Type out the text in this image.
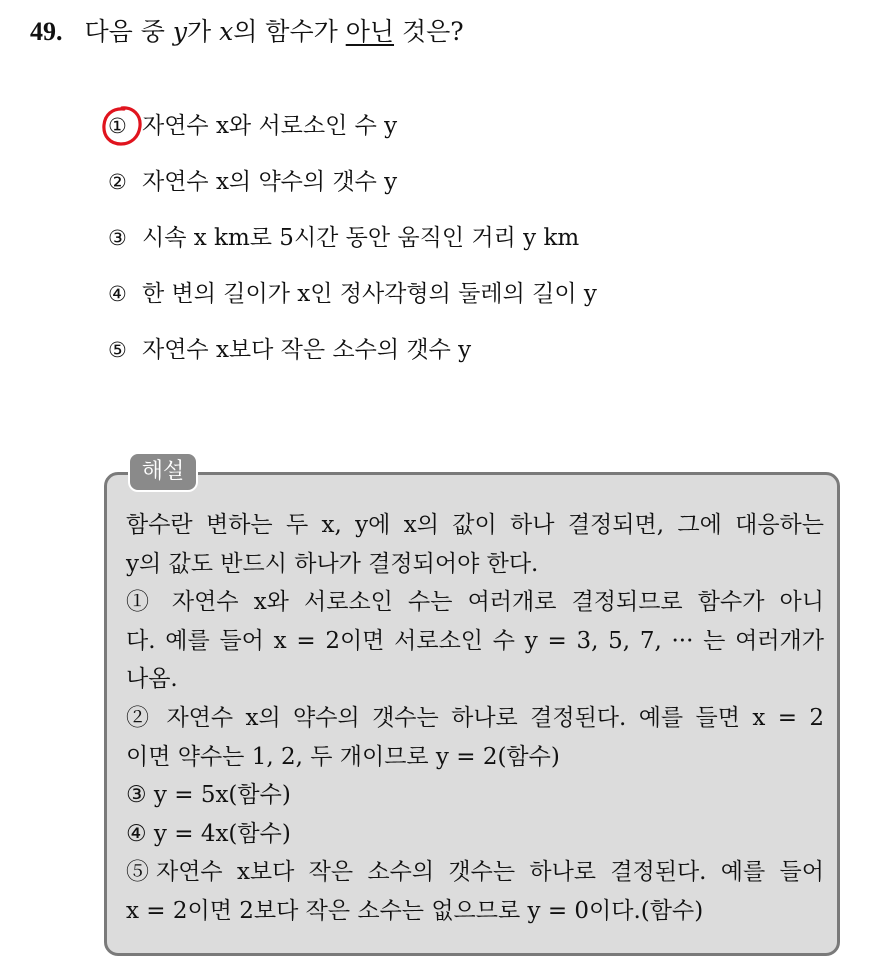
49. 다음 중 y가 x의 함수가 아닌 것은?
① 자연수 x와 서로소인 수 y
② 자연수 x의 약수의 갯수 y
③ 시속 x km로 5시간 동안 움직인 거리 y km
④ 한 변의 길이가 x인 정사각형의 둘레의 길이 y
⑤ 자연수 x보다 작은 소수의 갯수 y
해설
함수란 변하는 두 x, y에 x의 값이 하나 결정되면, 그에 대응하는
y의 값도 반드시 하나가 결정되어야 한다.
① 자연수 x와 서로소인 수는 여러개로 결정되므로 함수가 아니
다. 예를 들어 x = 2이면 서로소인 수 y = 3, 5, 7, ··· 는 여러개가
나옴.
② 자연수 x의 약수의 갯수는 하나로 결정된다. 예를 들면 x = 2
이면 약수는 1, 2, 두 개이므로 y = 2(함수)
③ y = 5x(함수)
④ y = 4x(함수)
⑤자연수 x보다 작은 소수의 갯수는 하나로 결정된다. 예를 들어
x = 2이면 2보다 작은 소수는 없으므로 y = 0이다.(함수)
